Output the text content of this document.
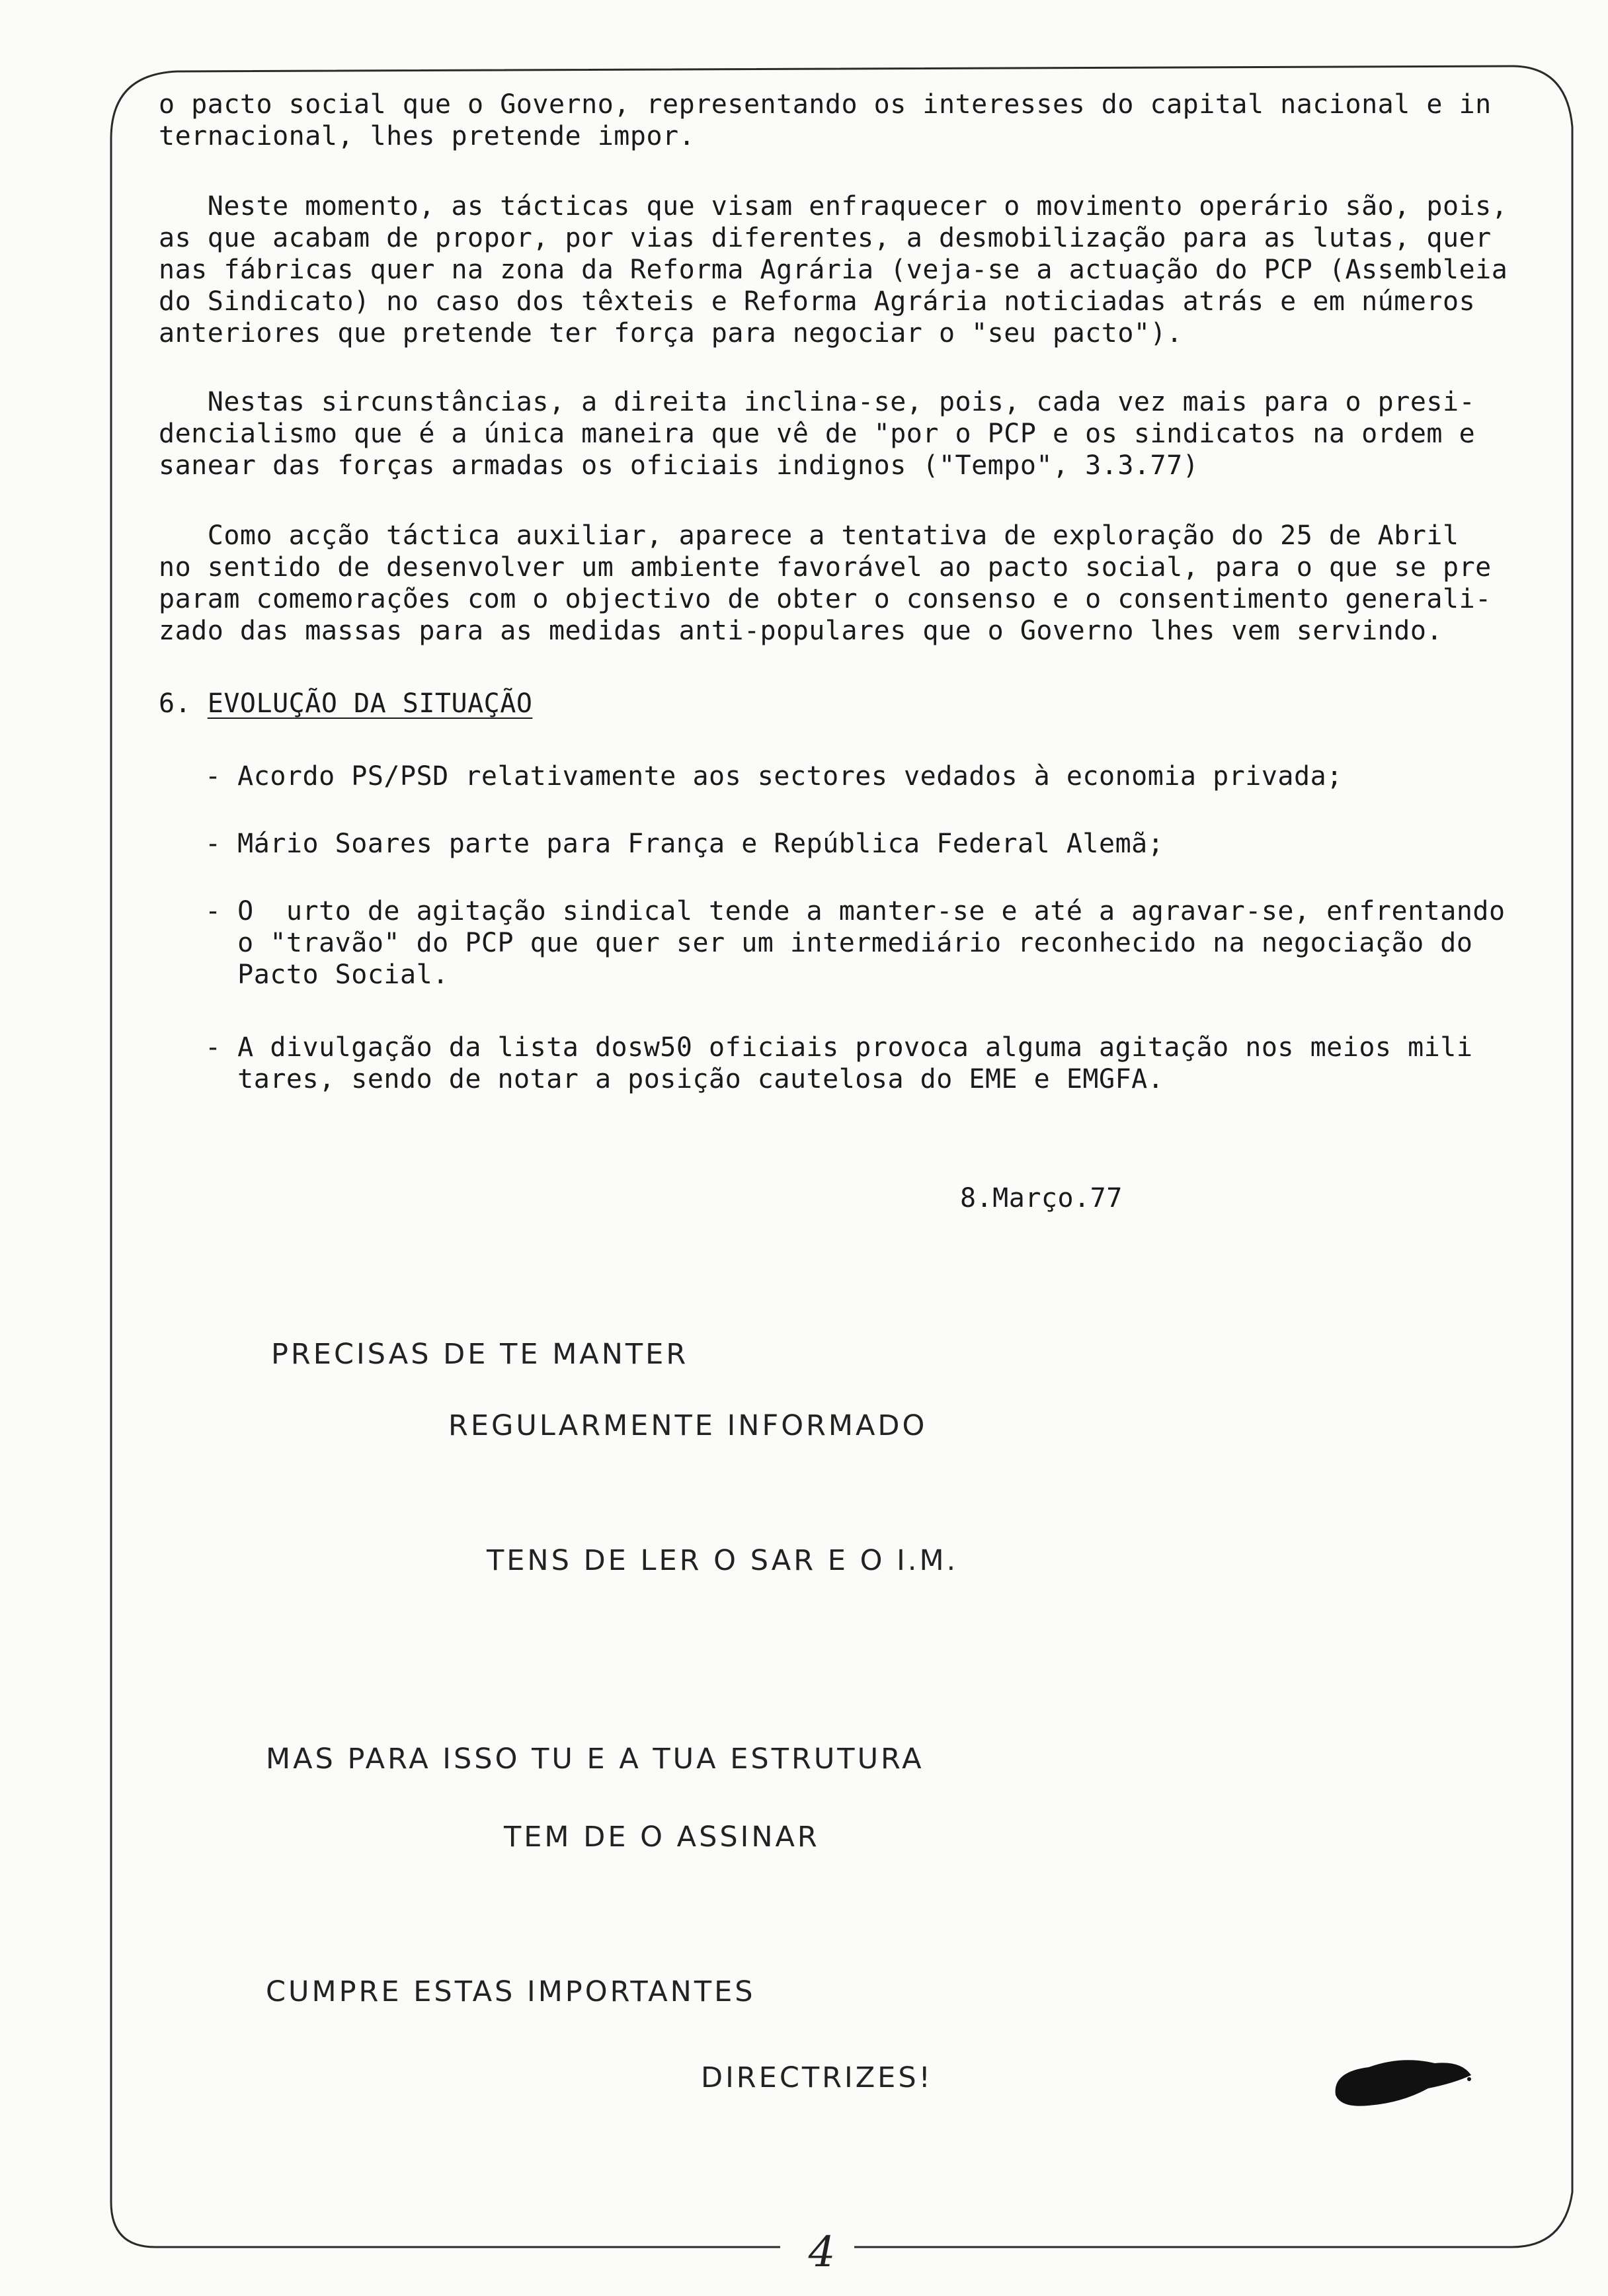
o pacto social que o Governo, representando os interesses do capital nacional e in
ternacional, lhes pretende impor.
Neste momento, as tácticas que visam enfraquecer o movimento operário são, pois,
as que acabam de propor, por vias diferentes, a desmobilização para as lutas, quer
nas fábricas quer na zona da Reforma Agrária (veja-se a actuação do PCP (Assembleia
do Sindicato) no caso dos têxteis e Reforma Agrária noticiadas atrás e em números
anteriores que pretende ter força para negociar o "seu pacto").
Nestas sircunstâncias, a direita inclina-se, pois, cada vez mais para o presi-
dencialismo que é a única maneira que vê de "por o PCP e os sindicatos na ordem e
sanear das forças armadas os oficiais indignos ("Tempo", 3.3.77)
Como acção táctica auxiliar, aparece a tentativa de exploração do 25 de Abril
no sentido de desenvolver um ambiente favorável ao pacto social, para o que se pre
param comemorações com o objectivo de obter o consenso e o consentimento generali-
zado das massas para as medidas anti-populares que o Governo lhes vem servindo.
6. EVOLUÇÃO DA SITUAÇÃO
- Acordo PS/PSD relativamente aos sectores vedados à economia privada;
- Mário Soares parte para França e República Federal Alemã;
- O  urto de agitação sindical tende a manter-se e até a agravar-se, enfrentando
o "travão" do PCP que quer ser um intermediário reconhecido na negociação do
Pacto Social.
- A divulgação da lista dosw50 oficiais provoca alguma agitação nos meios mili
tares, sendo de notar a posição cautelosa do EME e EMGFA.
8.Março.77
PRECISAS DE TE MANTER
REGULARMENTE INFORMADO
TENS DE LER O SAR E O I.M.
MAS PARA ISSO TU E A TUA ESTRUTURA
TEM DE O ASSINAR
CUMPRE ESTAS IMPORTANTES
DIRECTRIZES!
4
